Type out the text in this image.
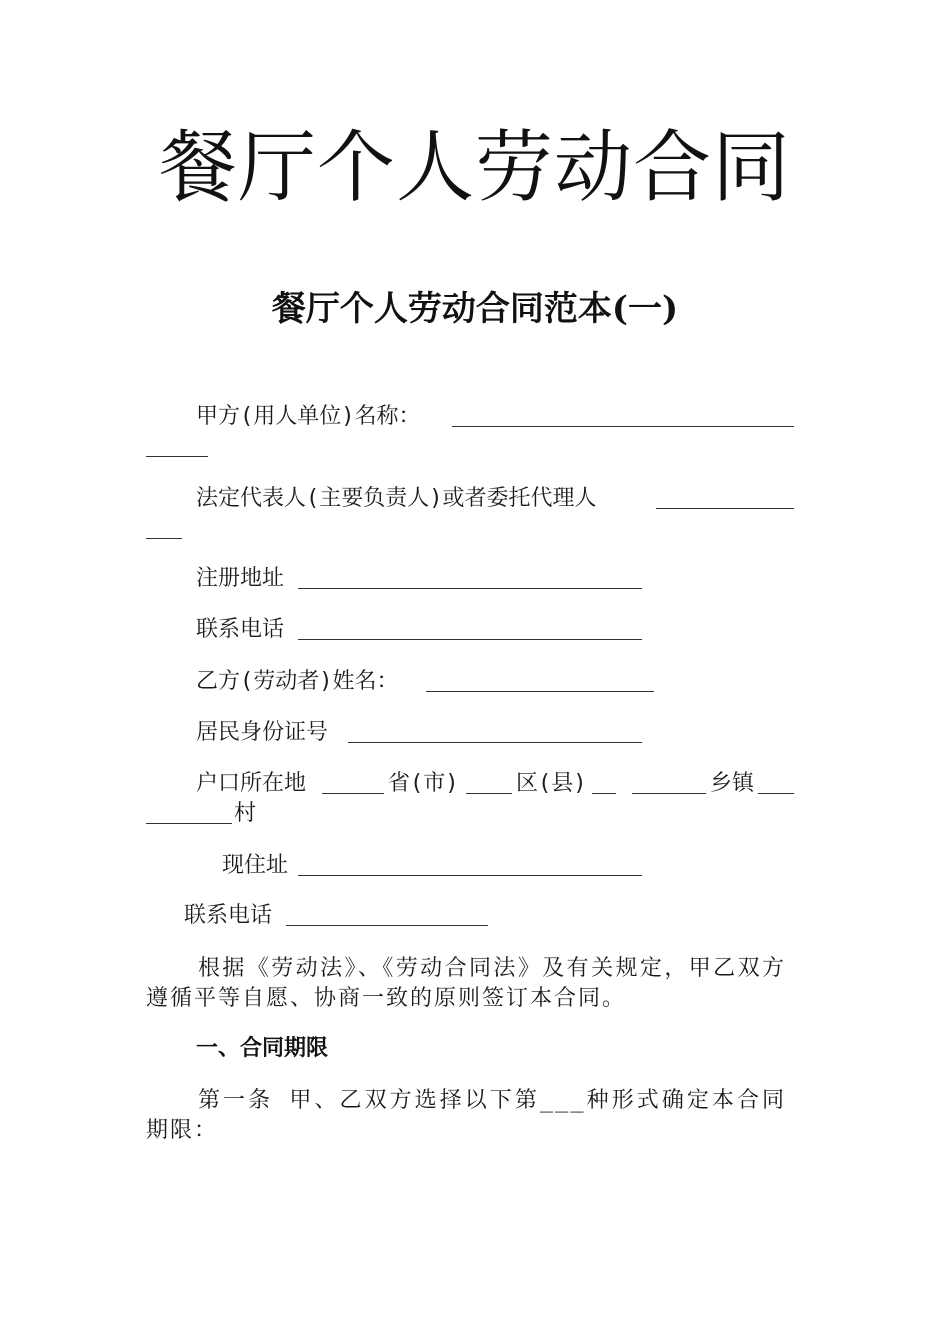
餐厅个人劳动合同
餐厅个人劳动合同范本(一)
甲方(用人单位)名称：
法定代表人(主要负责人)或者委托代理人
注册地址
联系电话
乙方(劳动者)姓名：
居民身份证号
户口所在地	省(市)	区(县)	乡镇
村
现住址
联系电话
根据《劳动法》、《劳动合同法》及有关规定，甲乙双方遵循平等自愿、协商一致的原则签订本合同。
一、合同期限
第一条 甲、乙双方选择以下第___种形式确定本合同期限：
